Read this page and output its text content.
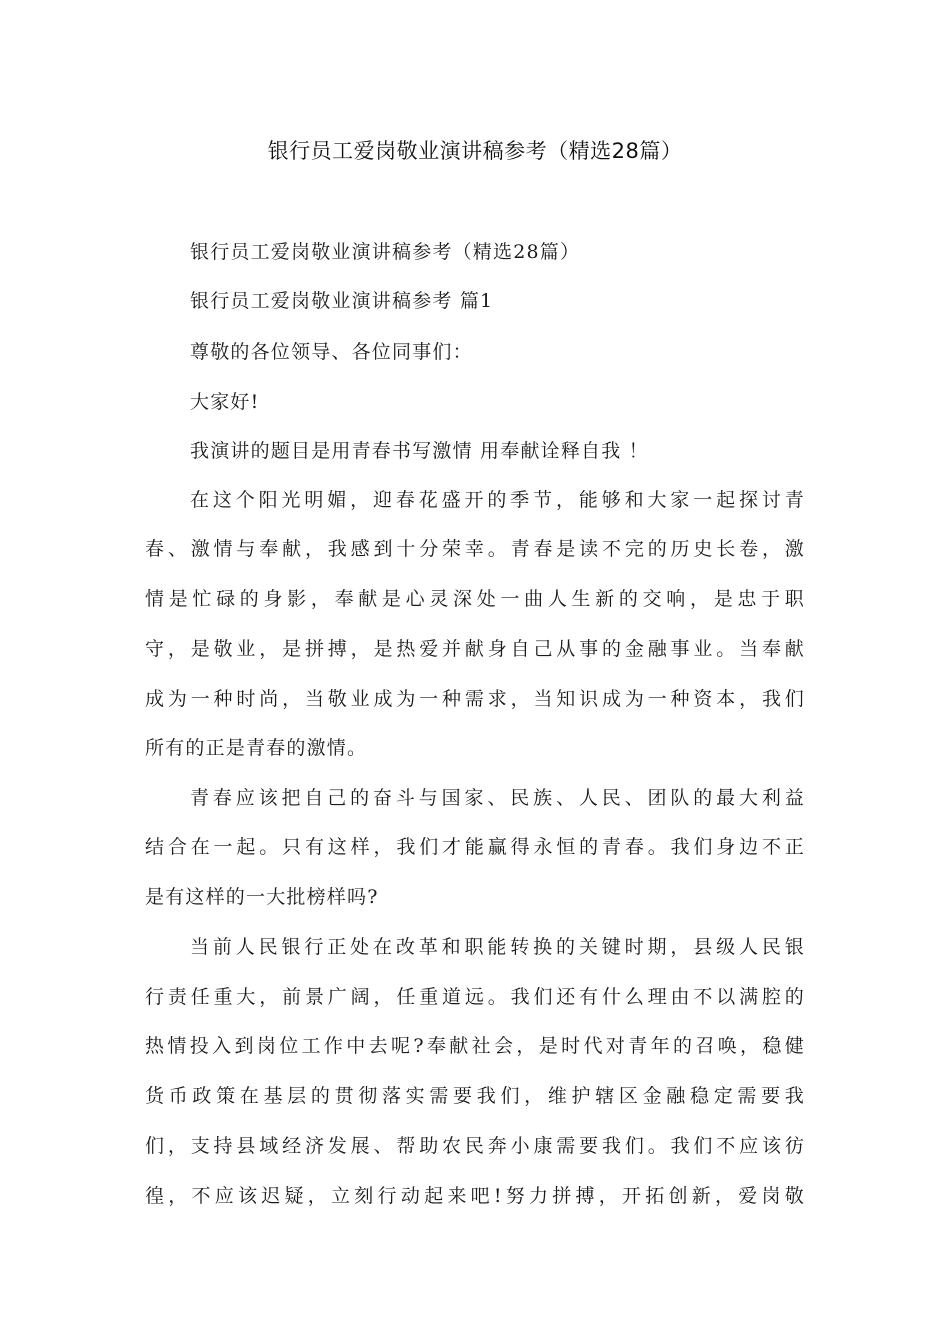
银行员工爱岗敬业演讲稿参考（精选28篇）
银行员工爱岗敬业演讲稿参考（精选28篇）
银行员工爱岗敬业演讲稿参考 篇1
尊敬的各位领导、各位同事们：
大家好!
我演讲的题目是用青春书写激情 用奉献诠释自我 ！
在这个阳光明媚，迎春花盛开的季节，能够和大家一起探讨青
春、激情与奉献，我感到十分荣幸。青春是读不完的历史长卷，激
情是忙碌的身影，奉献是心灵深处一曲人生新的交响，是忠于职
守，是敬业，是拼搏，是热爱并献身自己从事的金融事业。当奉献
成为一种时尚，当敬业成为一种需求，当知识成为一种资本，我们
所有的正是青春的激情。
青春应该把自己的奋斗与国家、民族、人民、团队的最大利益
结合在一起。只有这样，我们才能赢得永恒的青春。我们身边不正
是有这样的一大批榜样吗?
当前人民银行正处在改革和职能转换的关键时期，县级人民银
行责任重大，前景广阔，任重道远。我们还有什么理由不以满腔的
热情投入到岗位工作中去呢?奉献社会，是时代对青年的召唤，稳健
货币政策在基层的贯彻落实需要我们，维护辖区金融稳定需要我
们，支持县域经济发展、帮助农民奔小康需要我们。我们不应该彷
徨，不应该迟疑，立刻行动起来吧!努力拼搏，开拓创新，爱岗敬
